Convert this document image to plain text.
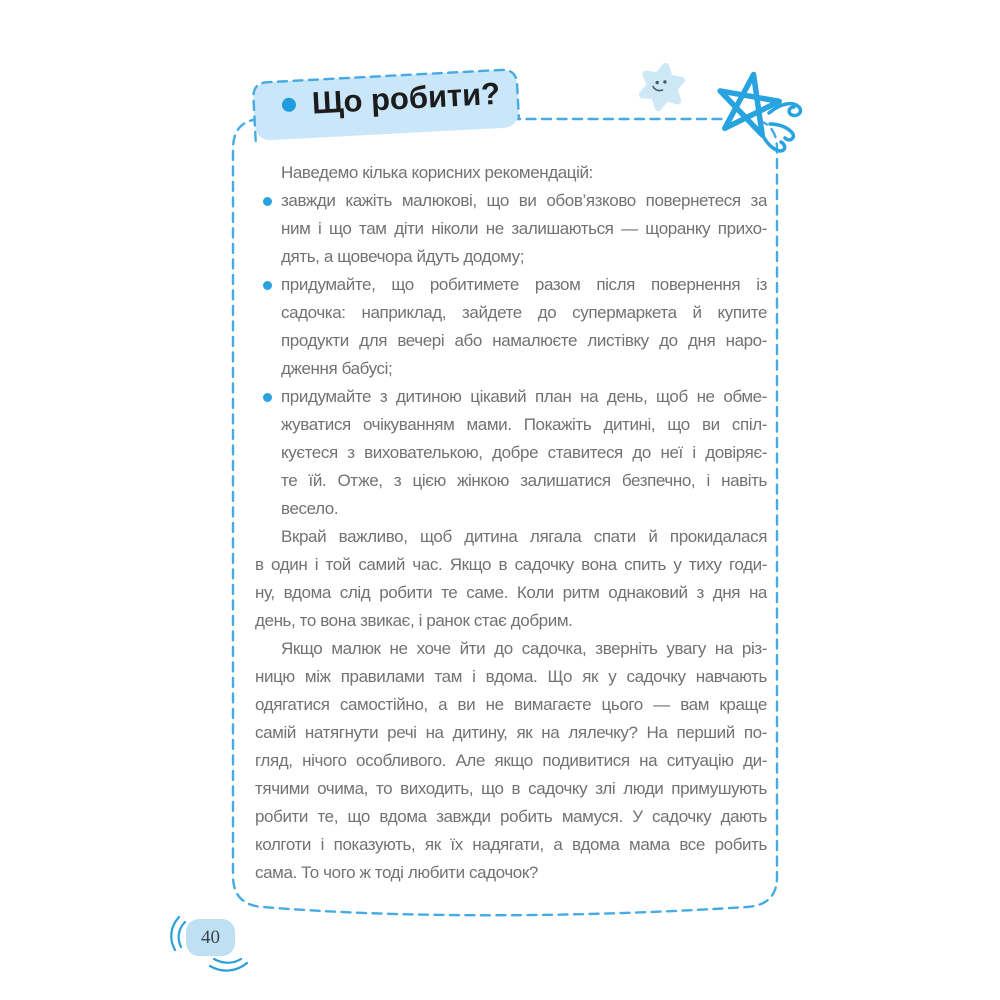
Що робити?
Наведемо кілька корисних рекомендацій:
завжди кажіть малюкові, що ви обов’язково повернетеся за
ним і що там діти ніколи не залишаються — щоранку прихо-
дять, а щовечора йдуть додому;
придумайте, що робитимете разом після повернення із
садочка: наприклад, зайдете до супермаркета й купите
продукти для вечері або намалюєте листівку до дня наро-
дження бабусі;
придумайте з дитиною цікавий план на день, щоб не обме-
жуватися очікуванням мами. Покажіть дитині, що ви спіл-
куєтеся з вихователькою, добре ставитеся до неї і довіряє-
те їй. Отже, з цією жінкою залишатися безпечно, і навіть
весело.
Вкрай важливо, щоб дитина лягала спати й прокидалася
в один і той самий час. Якщо в садочку вона спить у тиху годи-
ну, вдома слід робити те саме. Коли ритм однаковий з дня на
день, то вона звикає, і ранок стає добрим.
Якщо малюк не хоче йти до садочка, зверніть увагу на різ-
ницю між правилами там і вдома. Що як у садочку навчають
одягатися самостійно, а ви не вимагаєте цього — вам краще
самій натягнути речі на дитину, як на лялечку? На перший по-
гляд, нічого особливого. Але якщо подивитися на ситуацію ди-
тячими очима, то виходить, що в садочку злі люди примушують
робити те, що вдома завжди робить мамуся. У садочку дають
колготи і показують, як їх надягати, а вдома мама все робить
сама. То чого ж тоді любити садочок?
40
